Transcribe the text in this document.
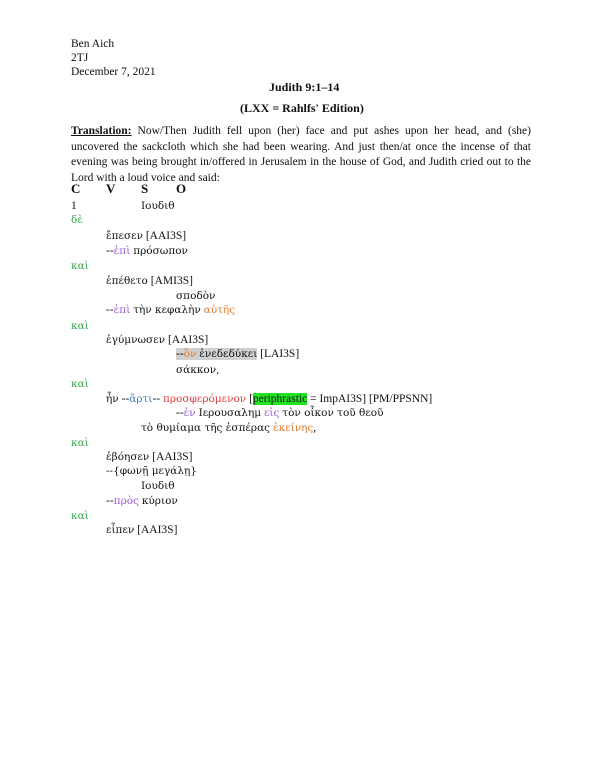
Ben Aich
2TJ
December 7, 2021
Judith 9:1–14
(LXX = Rahlfs' Edition)
Translation: Now/Then Judith fell upon (her) face and put ashes upon her head, and (she) uncovered the sackcloth which she had been wearing. And just then/at once the incense of that evening was being brought in/offered in Jerusalem in the house of God, and Judith cried out to the Lord with a loud voice and said:
C V S O
1	Ιουδιθ
δὲ
ἔπεσεν [AAI3S]
--ἐπὶ πρόσωπον
καὶ
ἐπέθετο [AMI3S]
σποδὸν
--ἐπὶ τὴν κεφαλὴν αὐτῆς
καὶ
ἐγύμνωσεν [AAI3S]
--ὃν ἐνεδεδύκει [LAI3S]
σάκκον,
καὶ
ἦν --ἄρτι-- προσφερόμενον [periphrastic = ImpAI3S] [PM/PPSNN]
--ἐν Ιερουσαλημ εἰς τὸν οἶκον τοῦ θεοῦ
τὸ θυμίαμα τῆς ἑσπέρας ἐκείνης,
καὶ
ἐβόησεν [AAI3S]
--{φωνῇ μεγάλῃ}
Ιουδιθ
--πρὸς κύριον
καὶ
εἶπεν [AAI3S]
